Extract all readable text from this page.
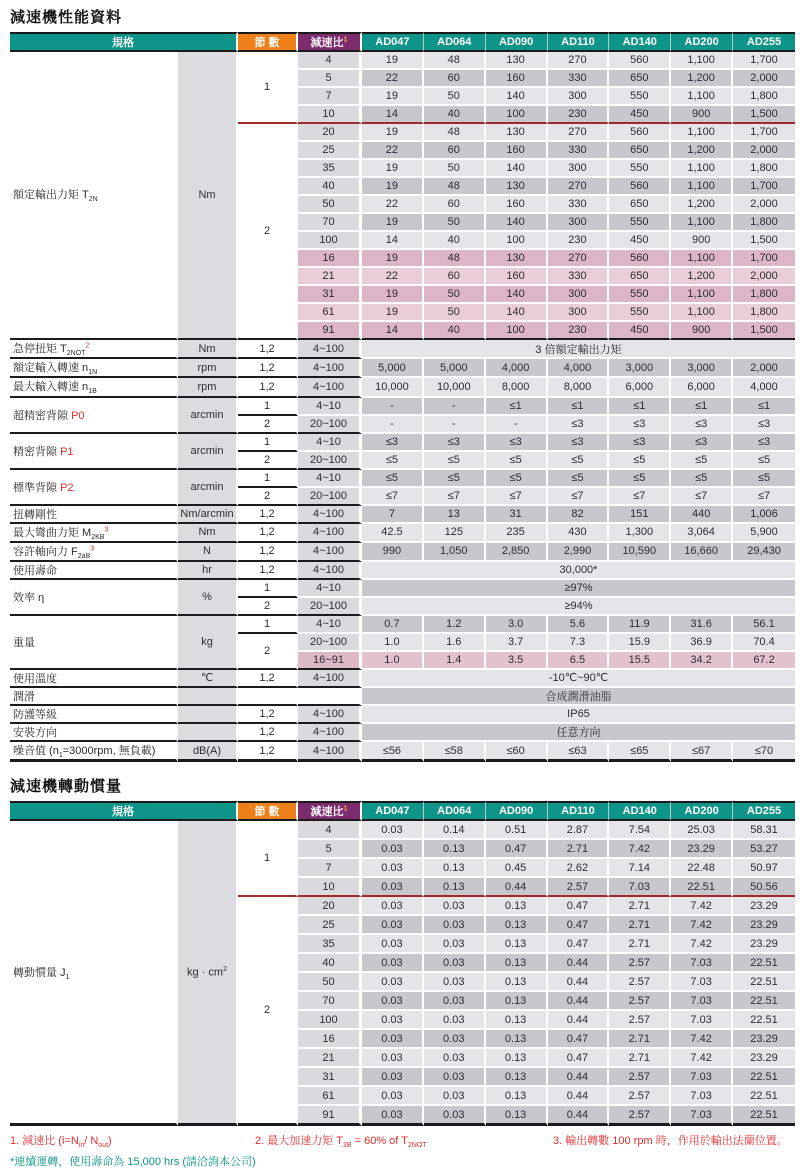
減速機性能資料
規格		節 數	減速比$^1$	AD047	AD064	AD090	AD110	AD140	AD200	AD255
額定輸出力矩 $T_{2N}$	Nm	1	4	19	48	130	270	560	1,100	1,700
			5	22	60	160	330	650	1,200	2,000
			7	19	50	140	300	550	1,100	1,800
			10	14	40	100	230	450	900	1,500
		2	20	19	48	130	270	560	1,100	1,700
			25	22	60	160	330	650	1,200	2,000
			35	19	50	140	300	550	1,100	1,800
			40	19	48	130	270	560	1,100	1,700
			50	22	60	160	330	650	1,200	2,000
			70	19	50	140	300	550	1,100	1,800
			100	14	40	100	230	450	900	1,500
			16	19	48	130	270	560	1,100	1,700
			21	22	60	160	330	650	1,200	2,000
			31	19	50	140	300	550	1,100	1,800
			61	19	50	140	300	550	1,100	1,800
			91	14	40	100	230	450	900	1,500
急停扭矩 $T_{2NOT}^2$	Nm	1,2	4~100	3 倍額定輸出力矩						
額定輸入轉速 $n_{1N}$	rpm	1,2	4~100	5,000	5,000	4,000	4,000	3,000	3,000	2,000
最大輸入轉速 $n_{1B}$	rpm	1,2	4~100	10,000	10,000	8,000	8,000	6,000	6,000	4,000
超精密背隙 P0	arcmin	1	4~10	-	-	≤1	≤1	≤1	≤1	≤1
		2	20~100	-	-	-	≤3	≤3	≤3	≤3
精密背隙 P1	arcmin	1	4~10	≤3	≤3	≤3	≤3	≤3	≤3	≤3
		2	20~100	≤5	≤5	≤5	≤5	≤5	≤5	≤5
標準背隙 P2	arcmin	1	4~10	≤5	≤5	≤5	≤5	≤5	≤5	≤5
		2	20~100	≤7	≤7	≤7	≤7	≤7	≤7	≤7
扭轉剛性	Nm/arcmin	1,2	4~100	7	13	31	82	151	440	1,006
最大彎曲力矩 $M_{2KB}^3$	Nm	1,2	4~100	42.5	125	235	430	1,300	3,064	5,900
容許軸向力 $F_{2aB}^3$	N	1,2	4~100	990	1,050	2,850	2,990	10,590	16,660	29,430
使用壽命	hr	1,2	4~100	30,000*						
效率 η	%	1	4~10	≥97%						
		2	20~100	≥94%						
重量	kg	1	4~10	0.7	1.2	3.0	5.6	11.9	31.6	56.1
		2	20~100	1.0	1.6	3.7	7.3	15.9	36.9	70.4
			16~91	1.0	1.4	3.5	6.5	15.5	34.2	67.2
使用溫度	℃	1,2	4~100	-10℃~90℃						
潤滑				合成潤滑油脂						
防護等級		1,2	4~100	IP65						
安裝方向		1,2	4~100	任意方向						
噪音值 ($n_1=3000rpm$, 無負載)	dB(A)	1,2	4~100	≤56	≤58	≤60	≤63	≤65	≤67	≤70
減速機轉動慣量
規格		節 數	減速比$^1$	AD047	AD064	AD090	AD110	AD140	AD200	AD255
轉動慣量 $J_1$	kg · $cm^2$	1	4	0.03	0.14	0.51	2.87	7.54	25.03	58.31
			5	0.03	0.13	0.47	2.71	7.42	23.29	53.27
			7	0.03	0.13	0.45	2.62	7.14	22.48	50.97
			10	0.03	0.13	0.44	2.57	7.03	22.51	50.56
		2	20	0.03	0.03	0.13	0.47	2.71	7.42	23.29
			25	0.03	0.03	0.13	0.47	2.71	7.42	23.29
			35	0.03	0.03	0.13	0.47	2.71	7.42	23.29
			40	0.03	0.03	0.13	0.44	2.57	7.03	22.51
			50	0.03	0.03	0.13	0.44	2.57	7.03	22.51
			70	0.03	0.03	0.13	0.44	2.57	7.03	22.51
			100	0.03	0.03	0.13	0.44	2.57	7.03	22.51
			16	0.03	0.03	0.13	0.47	2.71	7.42	23.29
			21	0.03	0.03	0.13	0.47	2.71	7.42	23.29
			31	0.03	0.03	0.13	0.44	2.57	7.03	22.51
			61	0.03	0.03	0.13	0.44	2.57	7.03	22.51
			91	0.03	0.03	0.13	0.44	2.57	7.03	22.51
1. 減速比 ($i=N_{in}/$ $N_{out}$)	2. 最大加速力矩 $T_{2B} = 60\%$ of $T_{2NOT}$	3. 輸出轉數 100 rpm 時，作用於輸出法蘭位置。
*連續運轉，使用壽命為 15,000 hrs (請洽詢本公司)
